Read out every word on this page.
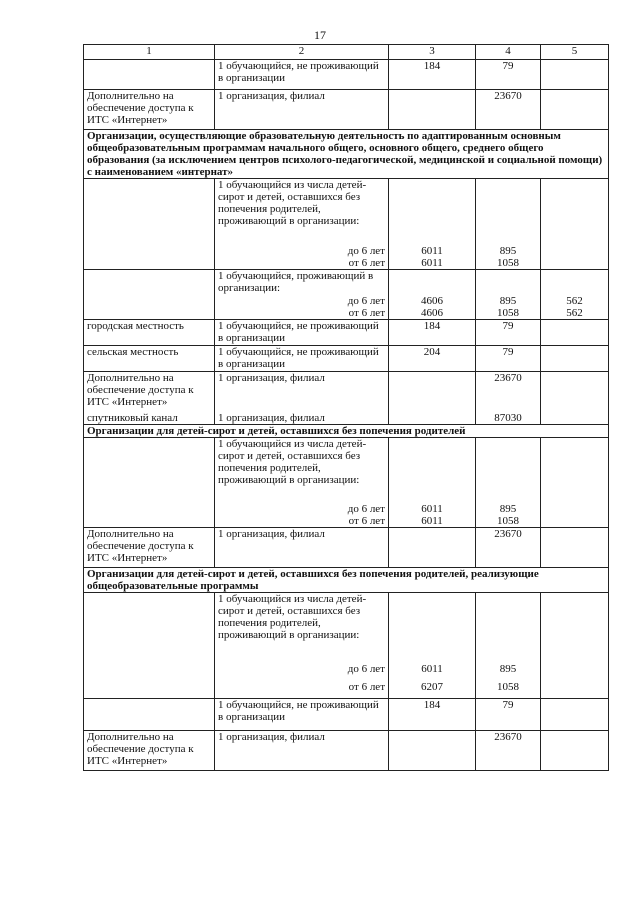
17
1	2	3	4	5
	1 обучающийся, не проживающий в организации	184	79	
Дополнительно на обеспечение доступа к ИТС «Интернет»	1 организация, филиал		23670	
Организации, осуществляющие образовательную деятельность по адаптированным основным общеобразовательным программам начального общего, основного общего, среднего общего образования (за исключением центров психолого-педагогической, медицинской и социальной помощи) с наименованием «интернат»				
	1 обучающийся из числа детей-сирот и детей, оставшихся без попечения родителей, проживающий в организации:			
	до 6 лет	6011	895	
	от 6 лет	6011	1058	
	1 обучающийся, проживающий в организации:			
	до 6 лет	4606	895	562
	от 6 лет	4606	1058	562
городская местность	1 обучающийся, не проживающий в организации	184	79	
сельская местность	1 обучающийся, не проживающий в организации	204	79	
Дополнительно на обеспечение доступа к ИТС «Интернет»	1 организация, филиал		23670	
спутниковый канал	1 организация, филиал		87030	
Организации для детей-сирот и детей, оставшихся без попечения родителей				
	1 обучающийся из числа детей-сирот и детей, оставшихся без попечения родителей, проживающий в организации:			
	до 6 лет	6011	895	
	от 6 лет	6011	1058	
Дополнительно на обеспечение доступа к ИТС «Интернет»	1 организация, филиал		23670	
Организации для детей-сирот и детей, оставшихся без попечения родителей, реализующие общеобразовательные программы				
	1 обучающийся из числа детей-сирот и детей, оставшихся без попечения родителей, проживающий в организации:			
	до 6 лет	6011	895	
	от 6 лет	6207	1058	
	1 обучающийся, не проживающий в организации	184	79	
Дополнительно на обеспечение доступа к ИТС «Интернет»	1 организация, филиал		23670	
